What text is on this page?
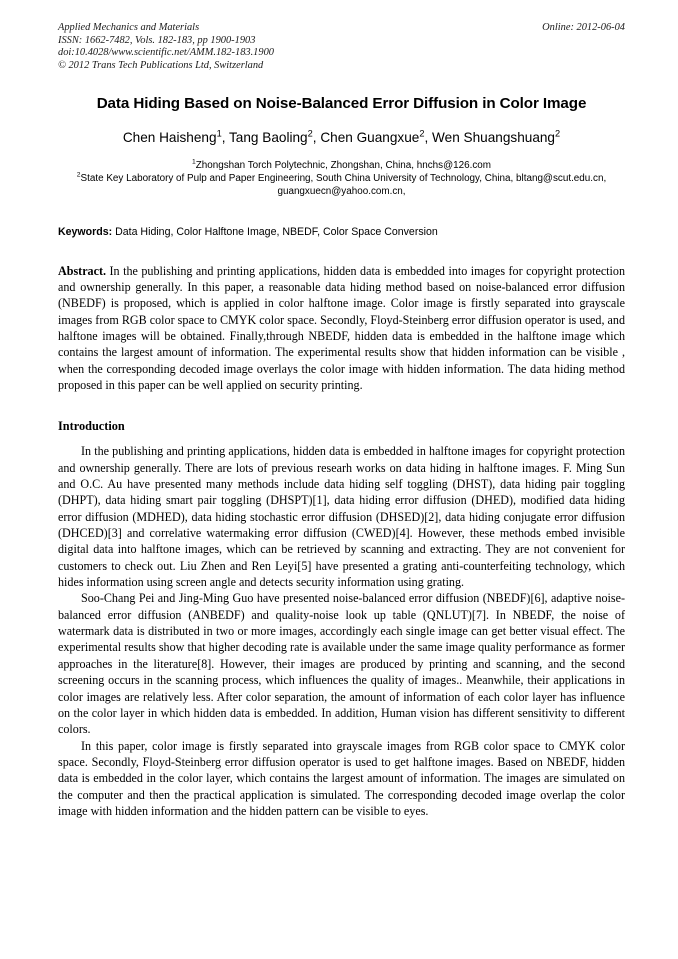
Applied Mechanics and Materials
ISSN: 1662-7482, Vols. 182-183, pp 1900-1903
doi:10.4028/www.scientific.net/AMM.182-183.1900
© 2012 Trans Tech Publications Ltd, Switzerland
Online: 2012-06-04
Data Hiding Based on Noise-Balanced Error Diffusion in Color Image
Chen Haisheng$^1$, Tang Baoling$^2$, Chen Guangxue$^2$, Wen Shuangshuang$^2$
$^1$Zhongshan Torch Polytechnic, Zhongshan, China, hnchs@126.com
$^2$State Key Laboratory of Pulp and Paper Engineering, South China University of Technology, China, bltang@scut.edu.cn, guangxuecn@yahoo.com.cn,
Keywords: Data Hiding, Color Halftone Image, NBEDF, Color Space Conversion
Abstract. In the publishing and printing applications, hidden data is embedded into images for copyright protection and ownership generally. In this paper, a reasonable data hiding method based on noise-balanced error diffusion (NBEDF) is proposed, which is applied in color halftone image. Color image is firstly separated into grayscale images from RGB color space to CMYK color space. Secondly, Floyd-Steinberg error diffusion operator is used, and halftone images will be obtained. Finally,through NBEDF, hidden data is embedded in the halftone image which contains the largest amount of information. The experimental results show that hidden information can be visible , when the corresponding decoded image overlays the color image with hidden information. The data hiding method proposed in this paper can be well applied on security printing.
Introduction

In the publishing and printing applications, hidden data is embedded in halftone images for copyright protection and ownership generally. There are lots of previous researh works on data hiding in halftone images. F. Ming Sun and O.C. Au have presented many methods include data hiding self toggling (DHST), data hiding pair toggling (DHPT), data hiding smart pair toggling (DHSPT)[1], data hiding error diffusion (DHED), modified data hiding error diffusion (MDHED), data hiding stochastic error diffusion (DHSED)[2], data hiding conjugate error diffusion (DHCED)[3] and correlative watermaking error diffusion (CWED)[4]. However, these methods embed invisible digital data into halftone images, which can be retrieved by scanning and extracting. They are not convenient for customers to check out. Liu Zhen and Ren Leyi[5] have presented a grating anti-counterfeiting technology, which hides information using screen angle and detects security information using grating.

Soo-Chang Pei and Jing-Ming Guo have presented noise-balanced error diffusion (NBEDF)[6], adaptive noise-balanced error diffusion (ANBEDF) and quality-noise look up table (QNLUT)[7]. In NBEDF, the noise of watermark data is distributed in two or more images, accordingly each single image can get better visual effect. The experimental results show that higher decoding rate is available under the same image quality performance as former approaches in the literature[8]. However, their images are produced by printing and scanning, and the second screening occurs in the scanning process, which influences the quality of images.. Meanwhile, their applications in color images are relatively less. After color separation, the amount of information of each color layer has influence on the color layer in which hidden data is embedded. In addition, Human vision has different sensitivity to different colors.

In this paper, color image is firstly separated into grayscale images from RGB color space to CMYK color space. Secondly, Floyd-Steinberg error diffusion operator is used to get halftone images. Based on NBEDF, hidden data is embedded in the color layer, which contains the largest amount of information. The images are simulated on the computer and then the practical application is simulated. The corresponding decoded image overlap the color image with hidden information and the hidden pattern can be visible to eyes.
